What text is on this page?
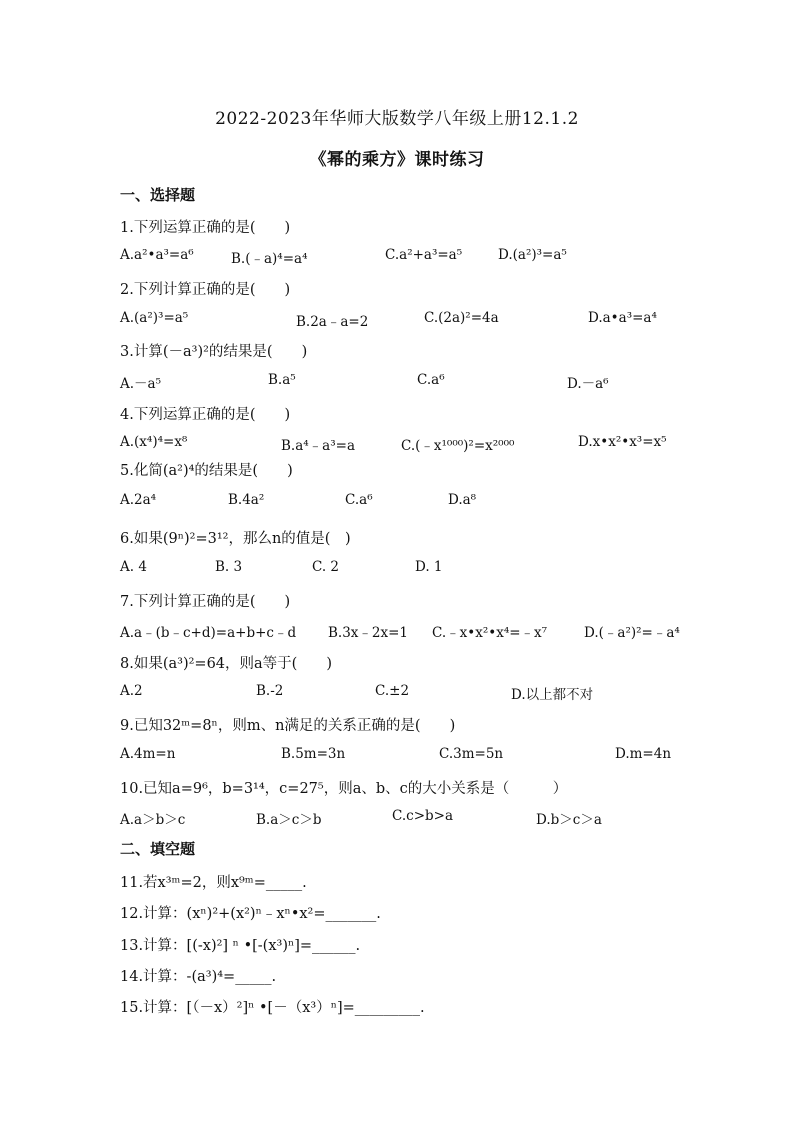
2022-2023年华师大版数学八年级上册12.1.2
《幂的乘方》课时练习
一、选择题
1.下列运算正确的是(　　)
A.a²•a³=a⁶	B.(﹣a)⁴=a⁴	C.a²+a³=a⁵	D.(a²)³=a⁵
2.下列计算正确的是(　　)
A.(a²)³=a⁵	B.2a﹣a=2	C.(2a)²=4a	D.a•a³=a⁴
3.计算(－a³)²的结果是(　　)
A.－a⁵	B.a⁵	C.a⁶	D.－a⁶
4.下列运算正确的是(　　)
A.(x⁴)⁴=x⁸	B.a⁴﹣a³=a	C.(﹣x¹⁰⁰⁰)²=x²⁰⁰⁰	D.x•x²•x³=x⁵
5.化简(a²)⁴的结果是(　　)
A.2a⁴	B.4a²	C.a⁶	D.a⁸
6.如果(9ⁿ)²=3¹²，那么n的值是(　)
A. 4	B. 3	C. 2	D. 1
7.下列计算正确的是(　　)
A.a﹣(b﹣c+d)=a+b+c﹣d B.3x﹣2x=1 C.﹣x•x²•x⁴=﹣x⁷	D.(﹣a²)²=﹣a⁴
8.如果(a³)²=64，则a等于(　　)
A.2	B.-2	C.±2	D.以上都不对
9.已知32ᵐ=8ⁿ，则m、n满足的关系正确的是(　　)
A.4m=n	B.5m=3n	C.3m=5n	D.m=4n
10.已知a=9⁶，b=3¹⁴，c=27⁵，则a、b、c的大小关系是（　　　）
A.a＞b＞c	B.a＞c＞b	C.c>b>a	D.b＞c＞a
二、填空题
11.若x³ᵐ=2，则x⁹ᵐ=_____.
12.计算：(xⁿ)²+(x²)ⁿ﹣xⁿ•x²=_______.
13.计算：[(-x)²] ⁿ •[-(x³)ⁿ]=______.
14.计算：-(a³)⁴=_____.
15.计算：[（－x）²]ⁿ •[－（x³）ⁿ]=_________.
